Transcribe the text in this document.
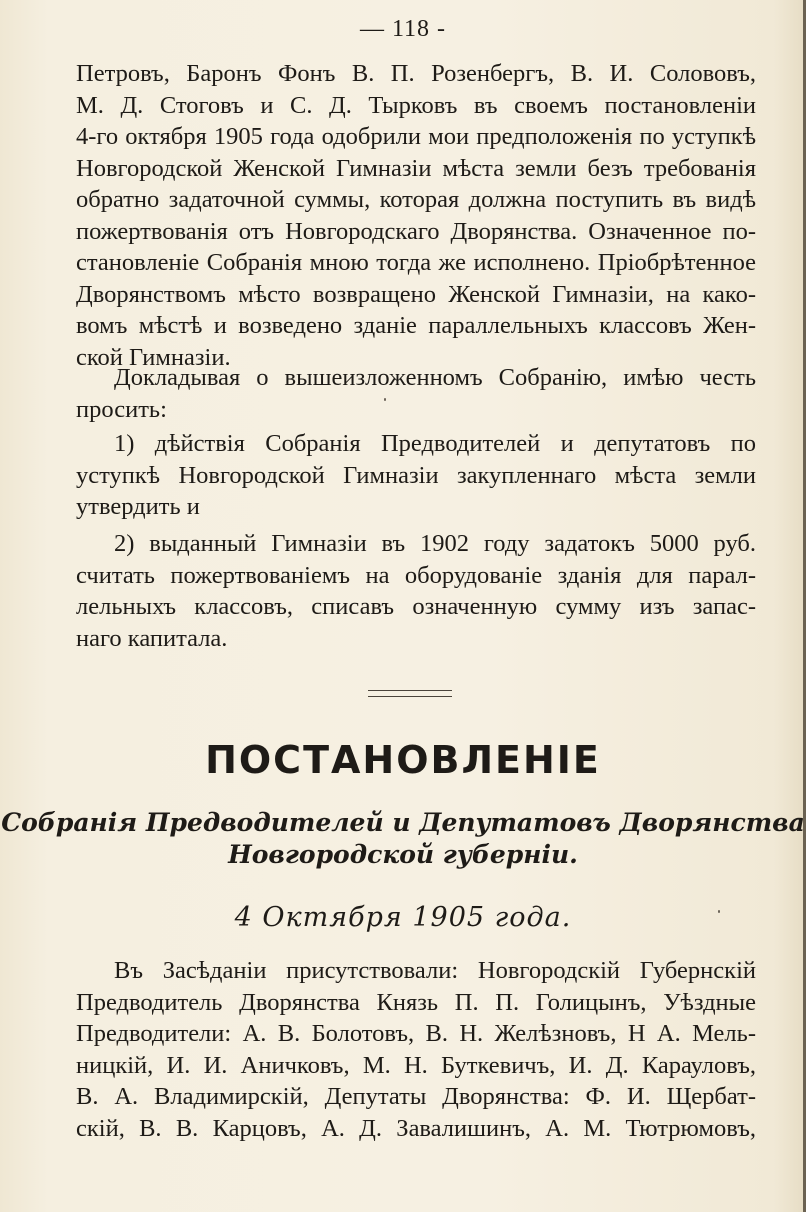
— 118 -
Петровъ, Баронъ Фонъ В. П. Розенбергъ, В. И. Солововъ,
М. Д. Стоговъ и С. Д. Тырковъ въ своемъ постановленіи
4-го октября 1905 года одобрили мои предположенія по уступкѣ
Новгородской Женской Гимназіи мѣста земли безъ требованія
обратно задаточной суммы, которая должна поступить въ видѣ
пожертвованія отъ Новгородскаго Дворянства. Означенное по-
становленіе Собранія мною тогда же исполнено. Пріобрѣтенное
Дворянствомъ мѣсто возвращено Женской Гимназіи, на како-
вомъ мѣстѣ и возведено зданіе параллельныхъ классовъ Жен-
ской Гимназіи.
Докладывая о вышеизложенномъ Собранію, имѣю честь
просить:
1) дѣйствія Собранія Предводителей и депутатовъ по
уступкѣ Новгородской Гимназіи закупленнаго мѣста земли
утвердить и
2) выданный Гимназіи въ 1902 году задатокъ 5000 руб.
считать пожертвованіемъ на оборудованіе зданія для парал-
лельныхъ классовъ, списавъ означенную сумму изъ запас-
наго капитала.
ПОСТАНОВЛЕНІЕ
Собранія Предводителей и Депутатовъ Дворянства
Новгородской губерніи.
4 Октября 1905 года.
Въ Засѣданіи присутствовали: Новгородскій Губернскій
Предводитель Дворянства Князь П. П. Голицынъ, Уѣздные
Предводители: А. В. Болотовъ, В. Н. Желѣзновъ, Н А. Мель-
ницкій, И. И. Аничковъ, М. Н. Буткевичъ, И. Д. Карауловъ,
В. А. Владимирскій, Депутаты Дворянства: Ф. И. Щербат-
скій, В. В. Карцовъ, А. Д. Завалишинъ, А. М. Тютрюмовъ,
